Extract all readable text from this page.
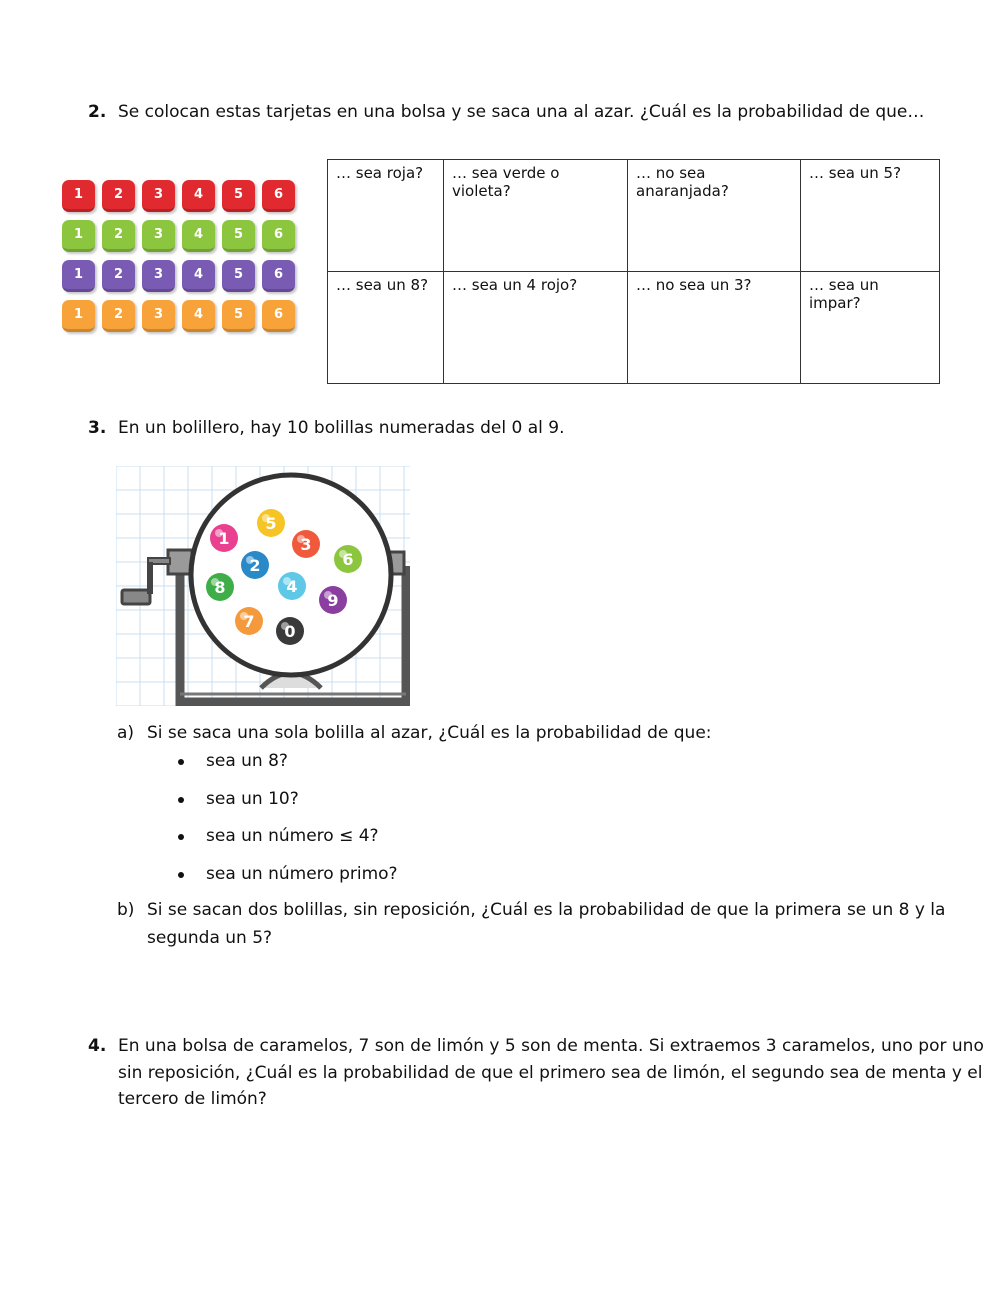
2. Se colocan estas tarjetas en una bolsa y se saca una al azar. ¿Cuál es la probabilidad de que…
1	2	3	4	5	6
1	2	3	4	5	6
1	2	3	4	5	6
1	2	3	4	5	6
… sea roja?	… sea verde o violeta?	… no sea anaranjada?	… sea un 5?
… sea un 8?	… sea un 4 rojo?	… no sea un 3?	… sea un impar?
3. En un bolillero, hay 10 bolillas numeradas del 0 al 9.
1
5
3
6
2
4
8
9
7
0
a) Si se saca una sola bolilla al azar, ¿Cuál es la probabilidad de que:
sea un 8?
sea un 10?
sea un número ≤ 4?
sea un número primo?
b) Si se sacan dos bolillas, sin reposición, ¿Cuál es la probabilidad de que la primera se un 8 y la
segunda un 5?
4. En una bolsa de caramelos, 7 son de limón y 5 son de menta. Si extraemos 3 caramelos, uno por uno
sin reposición, ¿Cuál es la probabilidad de que el primero sea de limón, el segundo sea de menta y el
tercero de limón?
